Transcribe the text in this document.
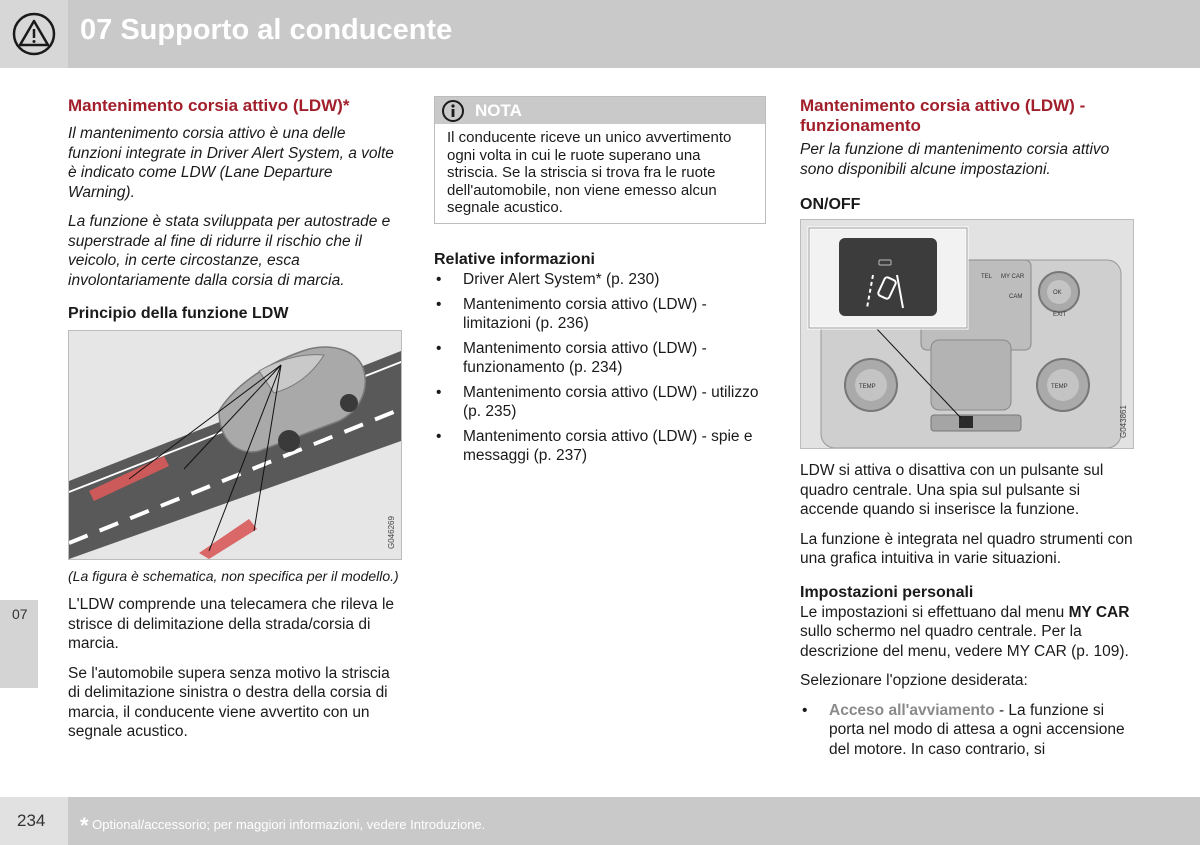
07 Supporto al conducente
07
Mantenimento corsia attivo (LDW)*

Il mantenimento corsia attivo è una delle funzioni integrate in Driver Alert System, a volte è indicato come LDW (Lane Departure Warning).

La funzione è stata sviluppata per autostrade e superstrade al fine di ridurre il rischio che il veicolo, in certe circostanze, esca involontariamente dalla corsia di marcia.

Principio della funzione LDW
G046269

(La figura è schematica, non specifica per il modello.)

L'LDW comprende una telecamera che rileva le strisce di delimitazione della strada/corsia di marcia.

Se l'automobile supera senza motivo la striscia di delimitazione sinistra o destra della corsia di marcia, il conducente viene avvertito con un segnale acustico.

NOTA
Il conducente riceve un unico avvertimento ogni volta in cui le ruote superano una striscia. Se la striscia si trova fra le ruote dell'automobile, non viene emesso alcun segnale acustico.
Relative informazioni
• Driver Alert System* (p. 230)
• Mantenimento corsia attivo (LDW) - limitazioni (p. 236)
• Mantenimento corsia attivo (LDW) - funzionamento (p. 234)
• Mantenimento corsia attivo (LDW) - utilizzo (p. 235)
• Mantenimento corsia attivo (LDW) - spie e messaggi (p. 237)
Mantenimento corsia attivo (LDW) - funzionamento

Per la funzione di mantenimento corsia attivo sono disponibili alcune impostazioni.

ON/OFF
TEL MY CAR
CAM
OK
EXIT
TEMP	TEMP
G043861

LDW si attiva o disattiva con un pulsante sul quadro centrale. Una spia sul pulsante si accende quando si inserisce la funzione.

La funzione è integrata nel quadro strumenti con una grafica intuitiva in varie situazioni.

Impostazioni personali

Le impostazioni si effettuano dal menu MY CAR sullo schermo nel quadro centrale. Per la descrizione del menu, vedere MY CAR (p. 109).

Selezionare l'opzione desiderata:

• Acceso all'avviamento - La funzione si porta nel modo di attesa a ogni accensione del motore. In caso contrario, si
234 * Optional/accessorio; per maggiori informazioni, vedere Introduzione.
